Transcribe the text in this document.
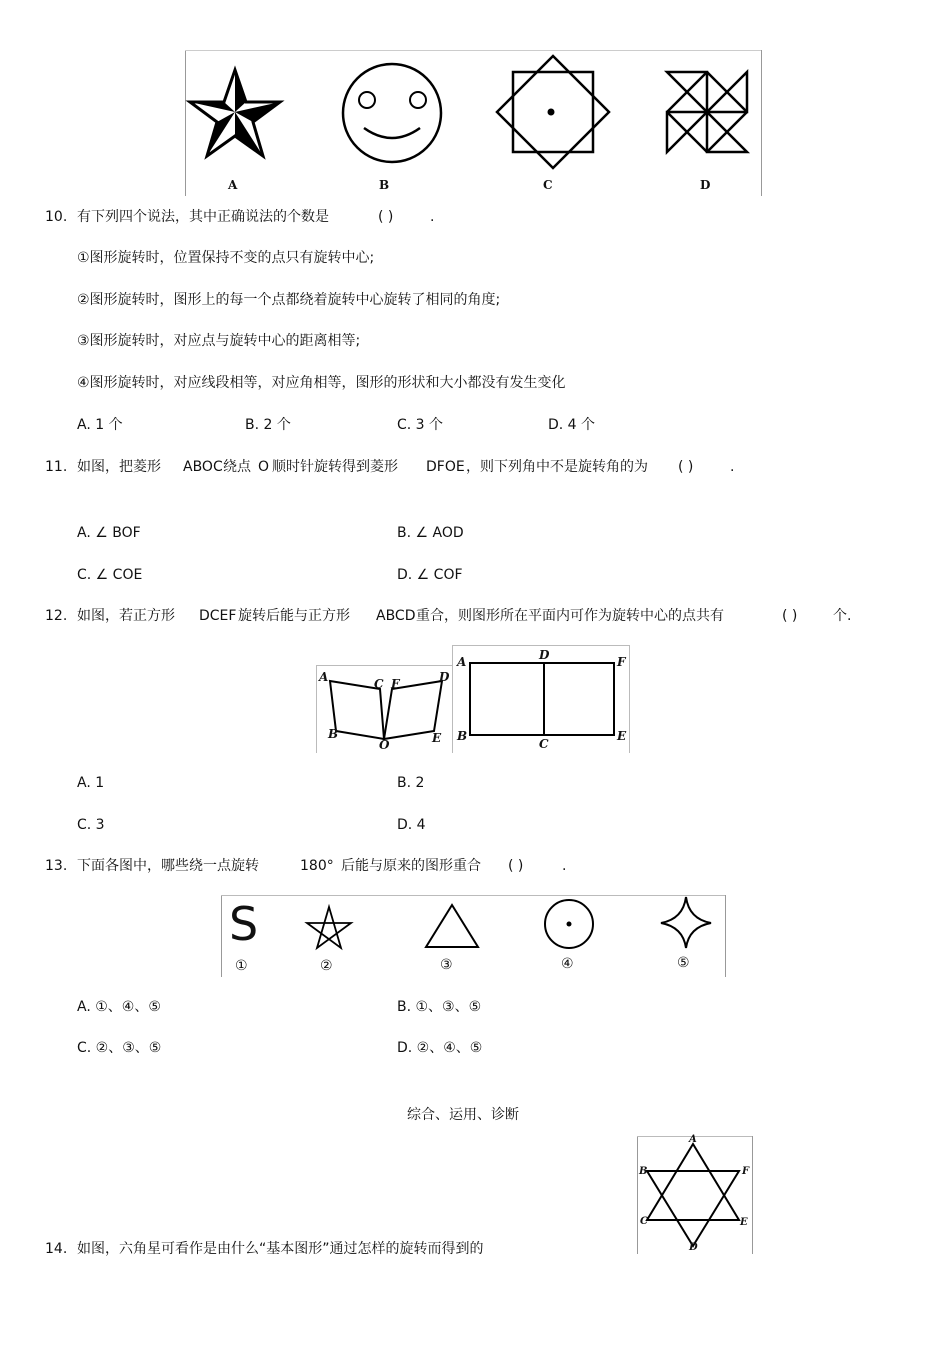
A	B	C	D
10. 有下列四个说法，其中正确说法的个数是	( )	.
①图形旋转时，位置保持不变的点只有旋转中心;
②图形旋转时，图形上的每一个点都绕着旋转中心旋转了相同的角度;
③图形旋转时，对应点与旋转中心的距离相等;
④图形旋转时，对应线段相等，对应角相等，图形的形状和大小都没有发生变化
A. 1 个	B. 2 个	C. 3 个	D. 4 个
11. 如图，把菱形 ABOC 绕点 O 顺时针旋转得到菱形 DFOE ，则下列角中不是旋转角的为 ( )	.
A. ∠ BOF	B. ∠ AOD
C. ∠ COE	D. ∠ COF
12. 如图，若正方形 DCEF 旋转后能与正方形 ABCD 重合，则图形所在平面内可作为旋转中心的点共有	( )	个.
A	C F	D
B
O	E
A	D	F
B
C
E
A. 1	B. 2
C. 3	D. 4
13. 下面各图中，哪些绕一点旋转	180° 后能与原来的图形重合 ( )	.
S
①	②	③	④	⑤
A. ①、④、⑤	B. ①、③、⑤
C. ②、③、⑤	D. ②、④、⑤
综合、运用、诊断
A
B	F
C	E
D
14. 如图，六角星可看作是由什么“基本图形”通过怎样的旋转而得到的
